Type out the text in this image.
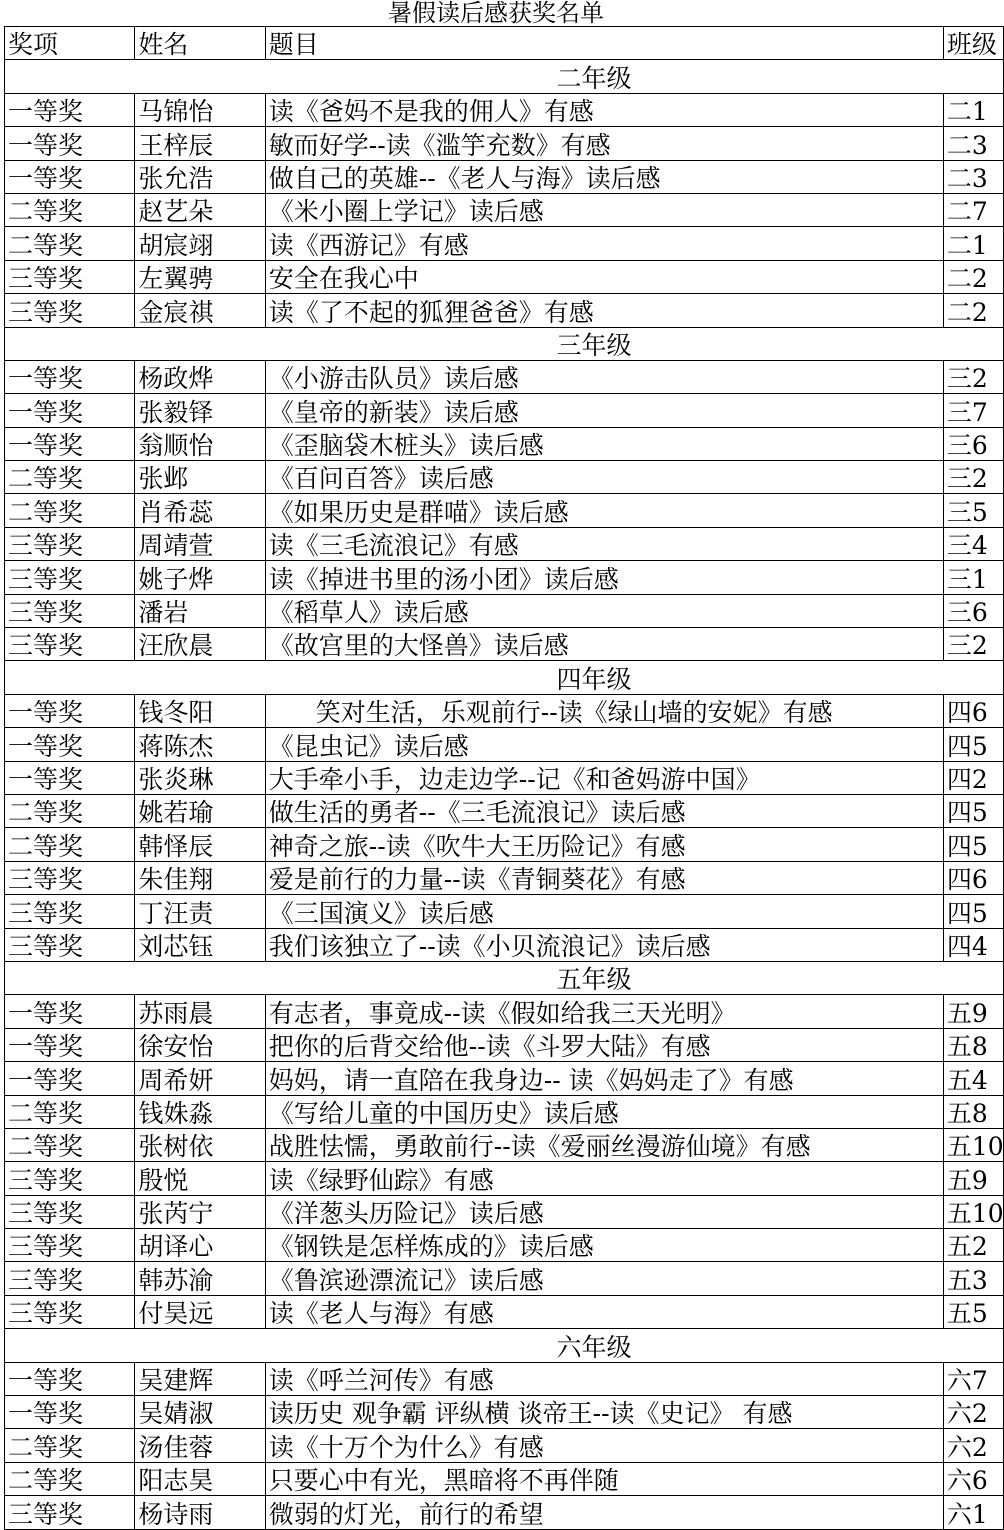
暑假读后感获奖名单
奖项	姓名	题目	班级
二年级			
一等奖	马锦怡	读《爸妈不是我的佣人》有感	二1
一等奖	王梓辰	敏而好学--读《滥竽充数》有感	二3
一等奖	张允浩	做自己的英雄--《老人与海》读后感	二3
二等奖	赵艺朵	《米小圈上学记》读后感	二7
二等奖	胡宸翊	读《西游记》有感	二1
三等奖	左翼骋	安全在我心中	二2
三等奖	金宸祺	读《了不起的狐狸爸爸》有感	二2
三年级			
一等奖	杨政烨	《小游击队员》读后感	三2
一等奖	张毅铎	《皇帝的新装》读后感	三7
一等奖	翁顺怡	《歪脑袋木桩头》读后感	三6
二等奖	张邺	《百问百答》读后感	三2
二等奖	肖希蕊	《如果历史是群喵》读后感	三5
三等奖	周靖萱	读《三毛流浪记》有感	三4
三等奖	姚子烨	读《掉进书里的汤小团》读后感	三1
三等奖	潘岩	《稻草人》读后感	三6
三等奖	汪欣晨	《故宫里的大怪兽》读后感	三2
四年级			
一等奖	钱冬阳	笑对生活，乐观前行--读《绿山墙的安妮》有感	四6
一等奖	蒋陈杰	《昆虫记》读后感	四5
一等奖	张炎琳	大手牵小手，边走边学--记《和爸妈游中国》	四2
二等奖	姚若瑜	做生活的勇者--《三毛流浪记》读后感	四5
二等奖	韩怿辰	神奇之旅--读《吹牛大王历险记》有感	四5
三等奖	朱佳翔	爱是前行的力量--读《青铜葵花》有感	四6
三等奖	丁汪责	《三国演义》读后感	四5
三等奖	刘芯钰	我们该独立了--读《小贝流浪记》读后感	四4
五年级			
一等奖	苏雨晨	有志者，事竟成--读《假如给我三天光明》	五9
一等奖	徐安怡	把你的后背交给他--读《斗罗大陆》有感	五8
一等奖	周希妍	妈妈，请一直陪在我身边-- 读《妈妈走了》有感	五4
二等奖	钱姝淼	《写给儿童的中国历史》读后感	五8
二等奖	张树依	战胜怯懦，勇敢前行--读《爱丽丝漫游仙境》有感	五10
三等奖	殷悦	读《绿野仙踪》有感	五9
三等奖	张芮宁	《洋葱头历险记》读后感	五10
三等奖	胡译心	《钢铁是怎样炼成的》读后感	五2
三等奖	韩苏渝	《鲁滨逊漂流记》读后感	五3
三等奖	付昊远	读《老人与海》有感	五5
六年级			
一等奖	吴建辉	读《呼兰河传》有感	六7
一等奖	吴婧淑	读历史 观争霸 评纵横 谈帝王--读《史记》 有感	六2
二等奖	汤佳蓉	读《十万个为什么》有感	六2
二等奖	阳志昊	只要心中有光，黑暗将不再伴随	六6
三等奖	杨诗雨	微弱的灯光，前行的希望	六1
